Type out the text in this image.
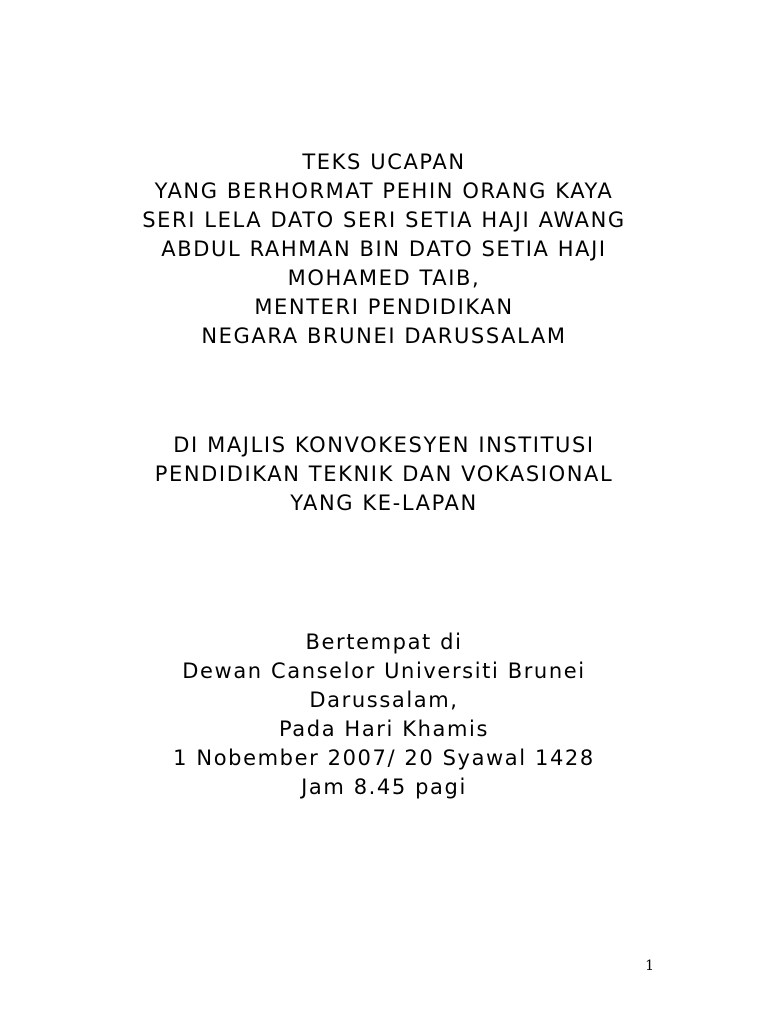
TEKS UCAPAN
YANG BERHORMAT PEHIN ORANG KAYA
SERI LELA DATO SERI SETIA HAJI AWANG
ABDUL RAHMAN BIN DATO SETIA HAJI
MOHAMED TAIB,
MENTERI PENDIDIKAN
NEGARA BRUNEI DARUSSALAM
DI MAJLIS KONVOKESYEN INSTITUSI
PENDIDIKAN TEKNIK DAN VOKASIONAL
YANG KE-LAPAN
Bertempat di
Dewan Canselor Universiti Brunei
Darussalam,
Pada Hari Khamis
1 Nobember 2007/ 20 Syawal 1428
Jam 8.45 pagi
1
